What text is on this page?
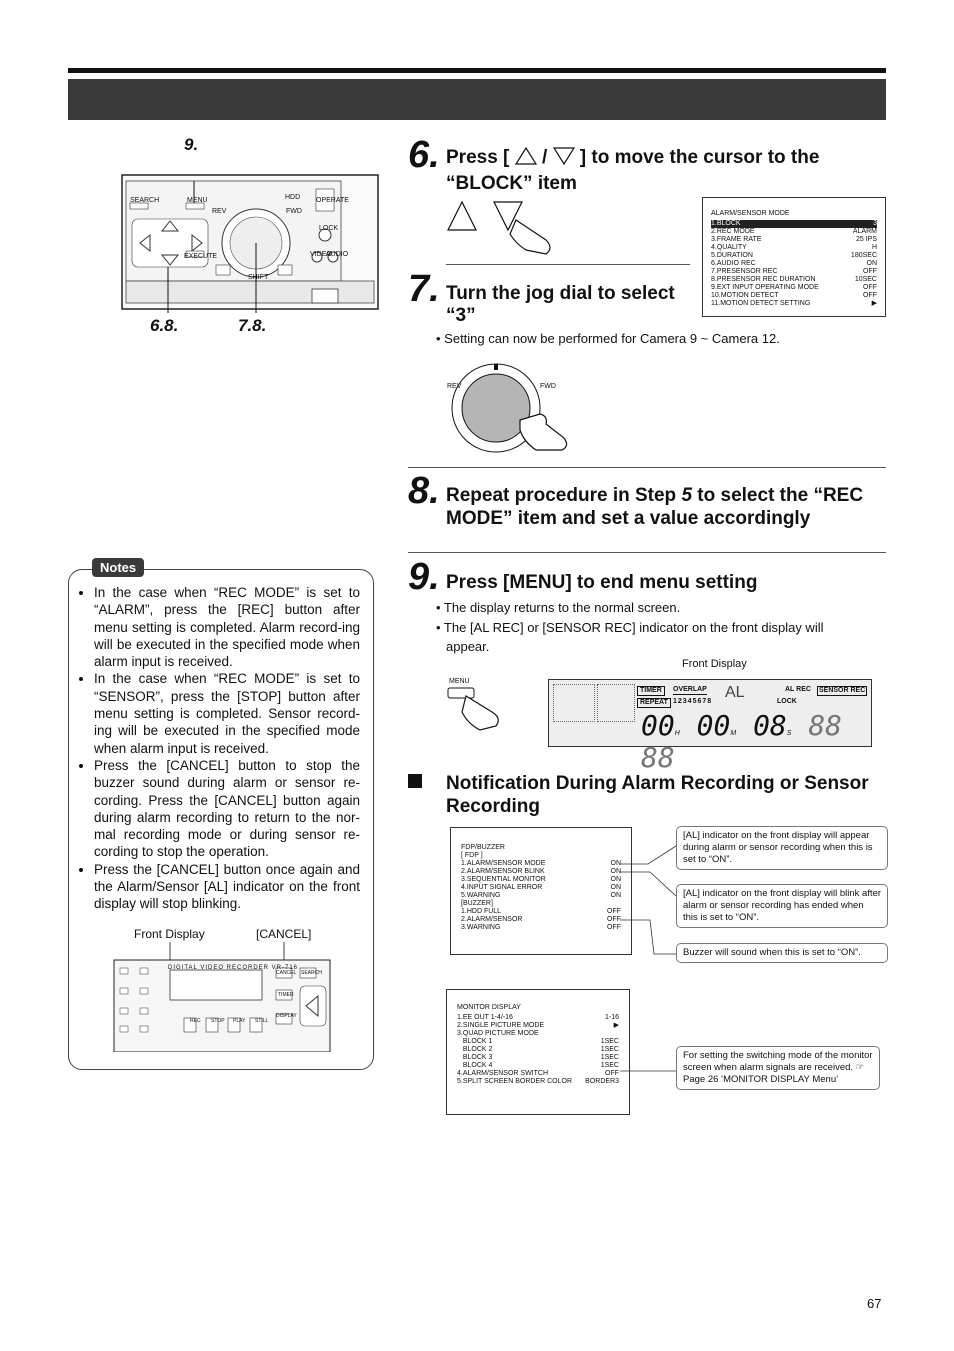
9.
SEARCH	MENU
REV	FWD
HDD OPERATE
LOCK
EXECUTE
SHIFT
VIDEO
AUDIO
6.8.	7.8.
6. Press [ / ] to move the cursor to the
“BLOCK” item
ALARM/SENSOR MODE
1.BLOCK	3
2.REC MODE	ALARM
3.FRAME RATE	25 IPS
4.QUALITY	H
5.DURATION	180SEC
6.AUDIO REC	ON
7.PRESENSOR REC	OFF
8.PRESENSOR REC DURATION	10SEC
9.EXT INPUT OPERATING MODE	OFF
10.MOTION DETECT	OFF
11.MOTION DETECT SETTING	▶
7. Turn the jog dial to select
“3”
• Setting can now be performed for Camera 9 ~ Camera 12.
REV	FWD
8. Repeat procedure in Step 5 to select the “REC
MODE” item and set a value accordingly
9. Press [MENU] to end menu setting
• The display returns to the normal screen.
• The [AL REC] or [SENSOR REC] indicator on the front display will
appear.
Front Display
MENU
TIMER	OVERLAP
REPEAT 12345678
AL	AL REC SENSOR REC
LOCK
00H 00M 08S 88 88
Notification During Alarm Recording or Sensor
Recording
FDP/BUZZER
[ FDP ]
1.ALARM/SENSOR MODE	ON
2.ALARM/SENSOR BLINK	ON
3.SEQUENTIAL MONITOR	ON
4.INPUT SIGNAL ERROR	ON
5.WARNING	ON
[BUZZER]
1.HDD FULL	OFF
2.ALARM/SENSOR	OFF
3.WARNING	OFF
[AL] indicator on the front display will appear during alarm or sensor recording when this is set to “ON”.
[AL] indicator on the front display will blink after alarm or sensor recording has ended when this is set to “ON”.
Buzzer will sound when this is set to “ON”.
MONITOR DISPLAY
1.EE OUT 1-4/-16	1-16
2.SINGLE PICTURE MODE	▶
3.QUAD PICTURE MODE
BLOCK 1	1SEC
BLOCK 2	1SEC
BLOCK 3	1SEC
BLOCK 4	1SEC
4.ALARM/SENSOR SWITCH	OFF
5.SPLIT SCREEN BORDER COLOR BORDER3
For setting the switching mode of the monitor screen when alarm signals are received. ☞ Page 26 ‘MONITOR DISPLAY Menu’
Notes
• In the case when “REC MODE” is set to “ALARM”, press the [REC] button after menu setting is completed. Alarm record-ing will be executed in the specified mode when alarm input is received.
• In the case when “REC MODE” is set to “SENSOR”, press the [STOP] button after menu setting is completed. Sensor record-ing will be executed in the specified mode when alarm input is received.
• Press the [CANCEL] button to stop the buzzer sound during alarm or sensor re-cording. Press the [CANCEL] button again during alarm recording to return to the nor-mal recording mode or during sensor re-cording to stop the operation.
• Press the [CANCEL] button once again and the Alarm/Sensor [AL] indicator on the front display will stop blinking.
Front Display	[CANCEL]
DIGITAL VIDEO RECORDER VR-716
REC STOP PLAY STILL
TIMER
DISPLAY
CANCEL SEARCH
67
